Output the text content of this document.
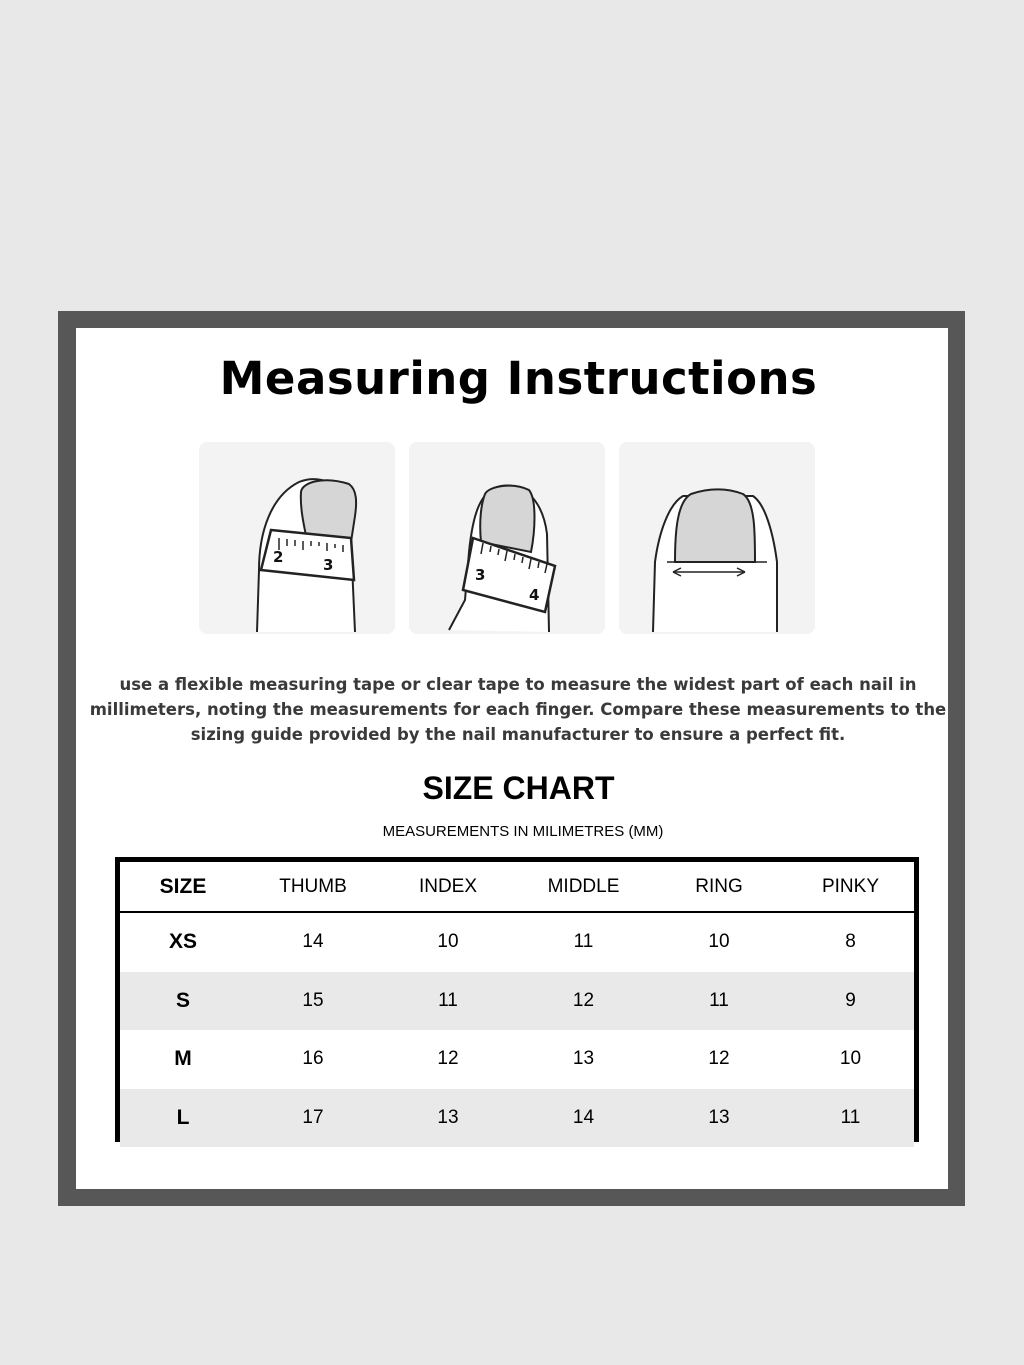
Measuring Instructions
2	3
3
4
use a flexible measuring tape or clear tape to measure the widest part of each nail in millimeters, noting the measurements for each finger. Compare these measurements to the sizing guide provided by the nail manufacturer to ensure a perfect fit.
SIZE CHART
MEASUREMENTS IN MILIMETRES (MM)
SIZE	THUMB	INDEX	MIDDLE	RING	PINKY
XS	14	10	11	10	8
S	15	11	12	11	9
M	16	12	13	12	10
L	17	13	14	13	11
